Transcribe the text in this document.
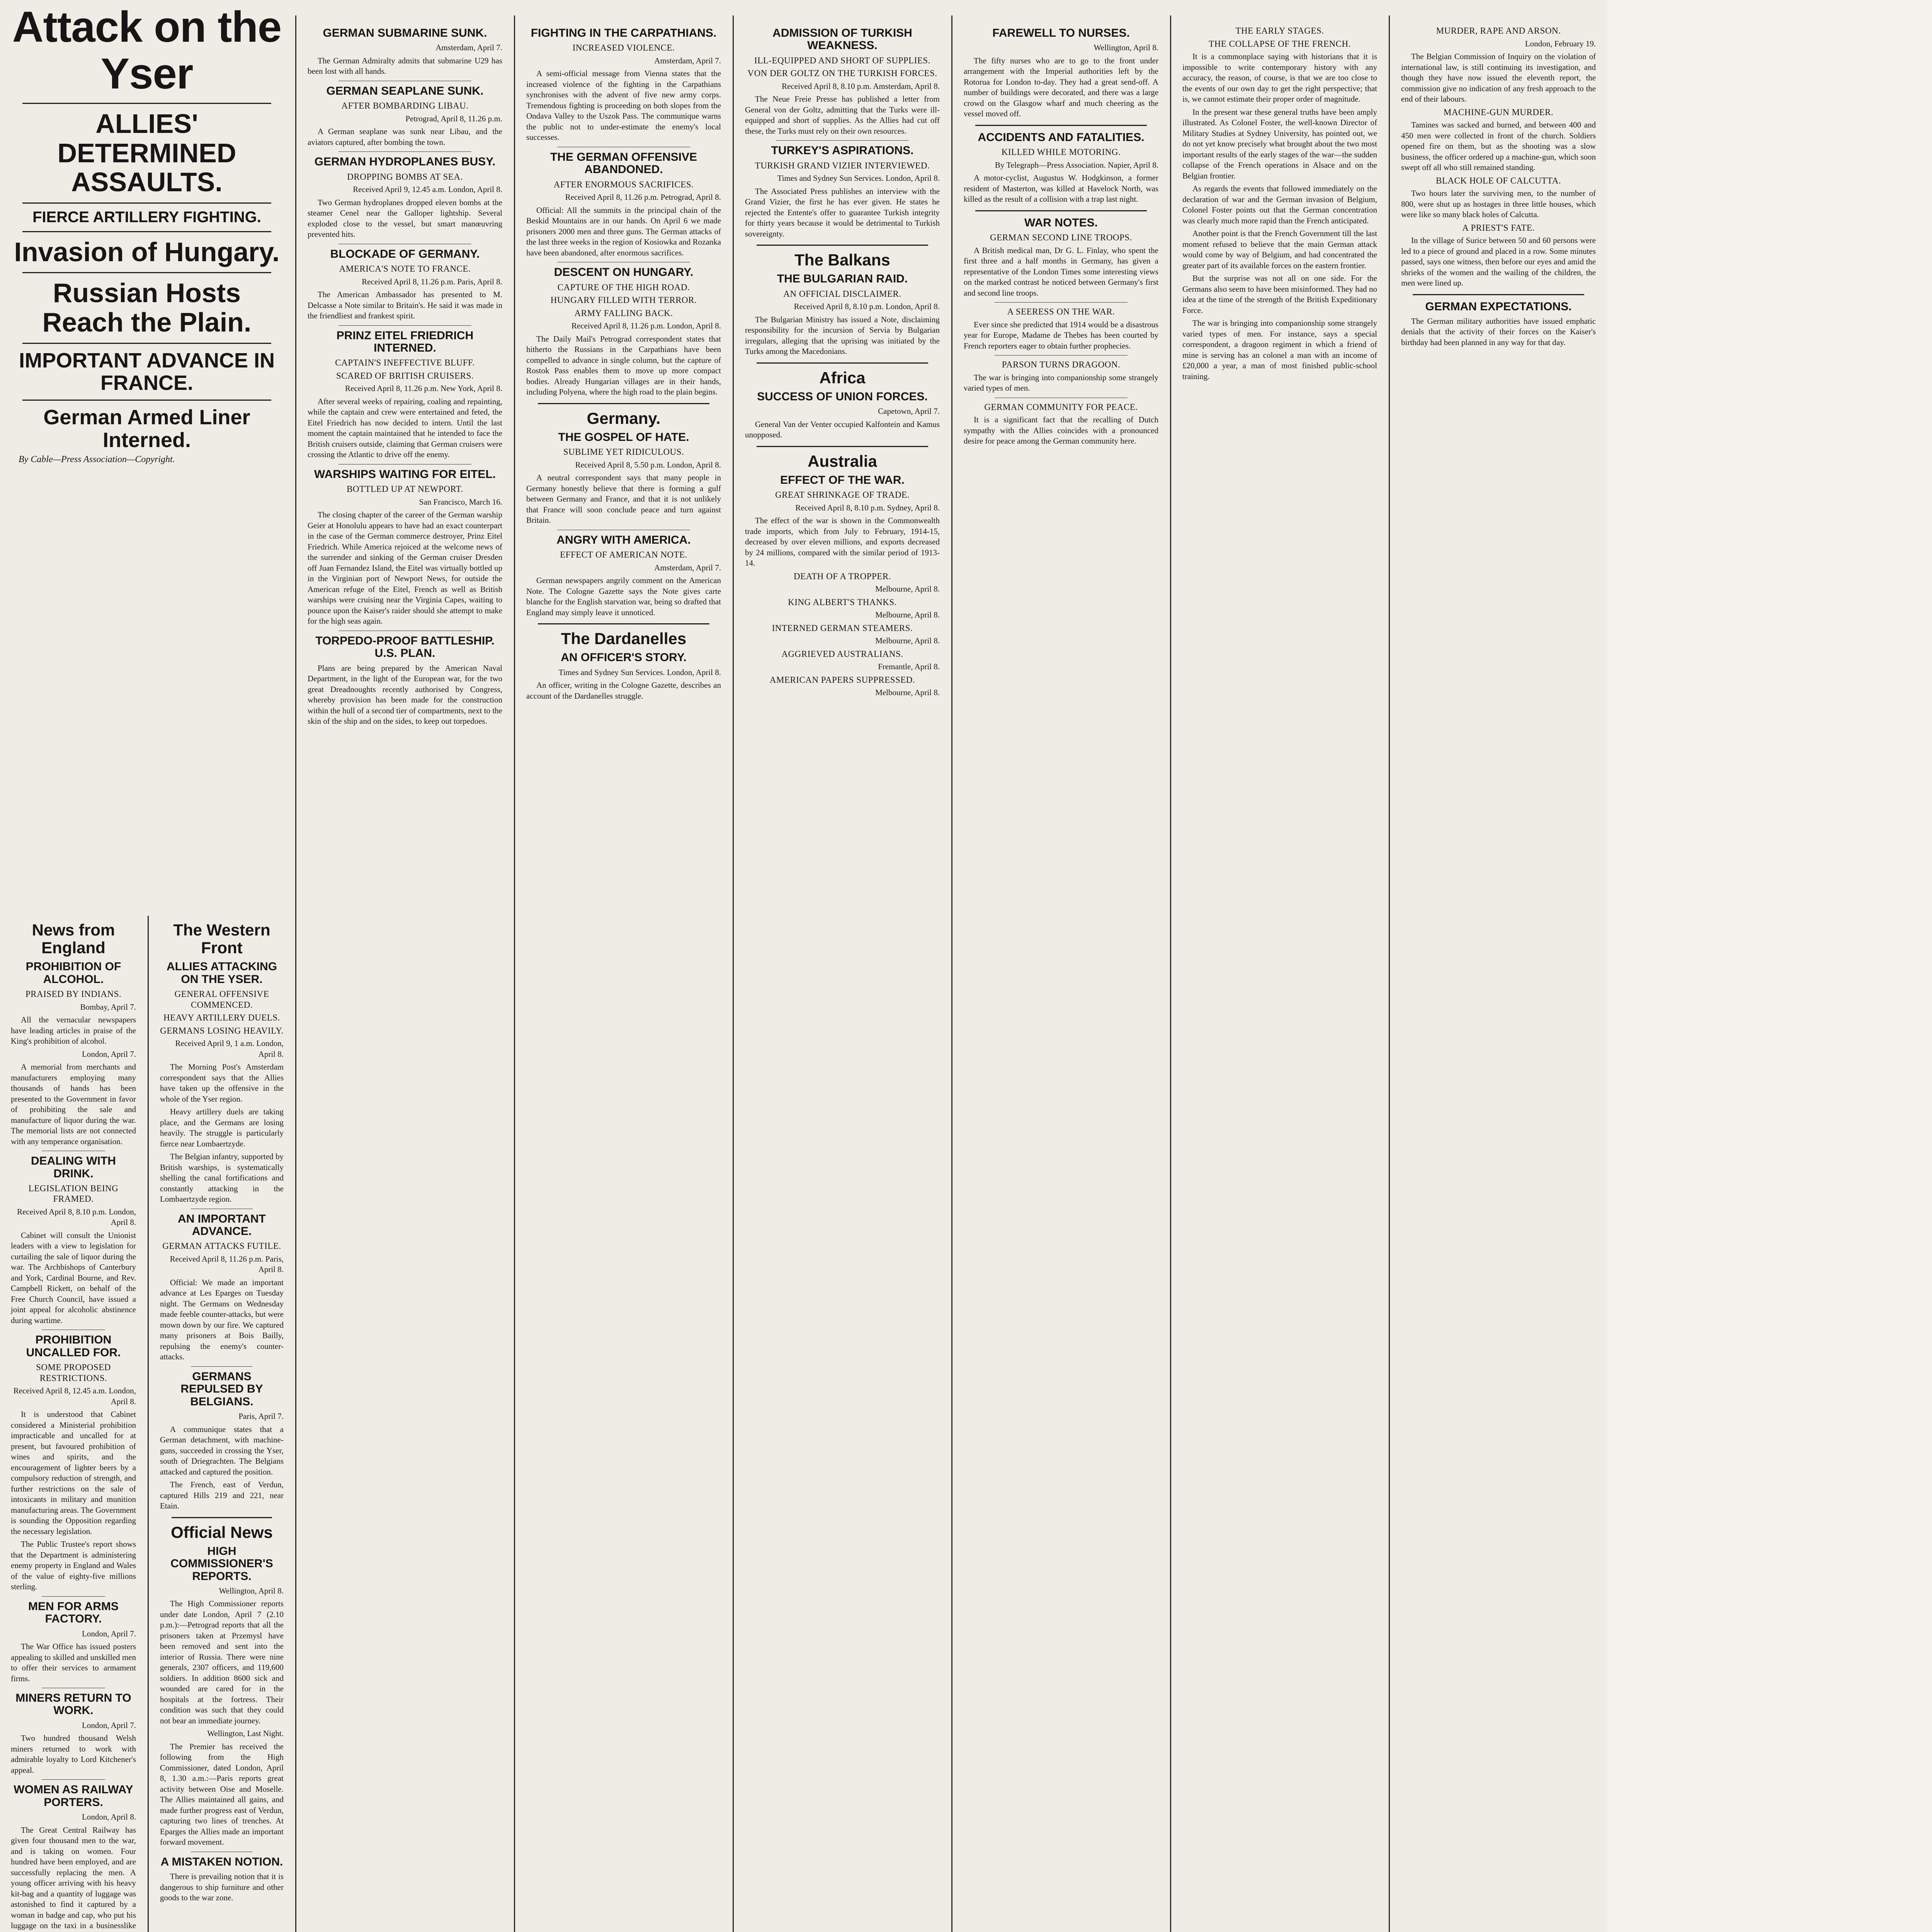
Attack on the Yser
ALLIES' DETERMINED ASSAULTS.
FIERCE ARTILLERY FIGHTING.
Invasion of Hungary.
Russian Hosts Reach the Plain.
IMPORTANT ADVANCE IN FRANCE.
German Armed Liner Interned.
By Cable—Press Association—Copyright.
News from England
PROHIBITION OF ALCOHOL.
PRAISED BY INDIANS.
Bombay, April 7.

All the vernacular newspapers have leading articles in praise of the King's prohibition of alcohol.

London, April 7.

A memorial from merchants and manufacturers employing many thousands of hands has been presented to the Government in favor of prohibiting the sale and manufacture of liquor during the war. The memorial lists are not connected with any temperance organisation.

DEALING WITH DRINK.
LEGISLATION BEING FRAMED.
Received April 8, 8.10 p.m. London, April 8.

Cabinet will consult the Unionist leaders with a view to legislation for curtailing the sale of liquor during the war. The Archbishops of Canterbury and York, Cardinal Bourne, and Rev. Campbell Rickett, on behalf of the Free Church Council, have issued a joint appeal for alcoholic abstinence during wartime.

PROHIBITION UNCALLED FOR.
SOME PROPOSED RESTRICTIONS.
Received April 8, 12.45 a.m. London, April 8.

It is understood that Cabinet considered a Ministerial prohibition impracticable and uncalled for at present, but favoured prohibition of wines and spirits, and the encouragement of lighter beers by a compulsory reduction of strength, and further restrictions on the sale of intoxicants in military and munition manufacturing areas. The Government is sounding the Opposition regarding the necessary legislation.

The Public Trustee's report shows that the Department is administering enemy property in England and Wales of the value of eighty-five millions sterling.

MEN FOR ARMS FACTORY.
London, April 7.

The War Office has issued posters appealing to skilled and unskilled men to offer their services to armament firms.

MINERS RETURN TO WORK.
London, April 7.

Two hundred thousand Welsh miners returned to work with admirable loyalty to Lord Kitchener's appeal.

WOMEN AS RAILWAY PORTERS.
London, April 8.

The Great Central Railway has given four thousand men to the war, and is taking on women. Four hundred have been employed, and are successfully replacing the men. A young officer arriving with his heavy kit-bag and a quantity of luggage was astonished to find it captured by a woman in badge and cap, who put his luggage on the taxi in a businesslike

The Western Front
ALLIES ATTACKING ON THE YSER.
GENERAL OFFENSIVE COMMENCED.
HEAVY ARTILLERY DUELS.
GERMANS LOSING HEAVILY.
Received April 9, 1 a.m. London, April 8.

The Morning Post's Amsterdam correspondent says that the Allies have taken up the offensive in the whole of the Yser region.

Heavy artillery duels are taking place, and the Germans are losing heavily. The struggle is particularly fierce near Lombaertzyde.

The Belgian infantry, supported by British warships, is systematically shelling the canal fortifications and constantly attacking in the Lombaertzyde region.

AN IMPORTANT ADVANCE.
GERMAN ATTACKS FUTILE.
Received April 8, 11.26 p.m. Paris, April 8.

Official: We made an important advance at Les Eparges on Tuesday night. The Germans on Wednesday made feeble counter-attacks, but were mown down by our fire. We captured many prisoners at Bois Bailly, repulsing the enemy's counter-attacks.

GERMANS REPULSED BY BELGIANS.
Paris, April 7.

A communique states that a German detachment, with machine-guns, succeeded in crossing the Yser, south of Driegrachten. The Belgians attacked and captured the position.

The French, east of Verdun, captured Hills 219 and 221, near Etain.

Official News
HIGH COMMISSIONER'S REPORTS.
Wellington, April 8.

The High Commissioner reports under date London, April 7 (2.10 p.m.):—Petrograd reports that all the prisoners taken at Przemysl have been removed and sent into the interior of Russia. There were nine generals, 2307 officers, and 119,600 soldiers. In addition 8600 sick and wounded are cared for in the hospitals at the fortress. Their condition was such that they could not bear an immediate journey.

Wellington, Last Night.

The Premier has received the following from the High Commissioner, dated London, April 8, 1.30 a.m.:—Paris reports great activity between Oise and Moselle. The Allies maintained all gains, and made further progress east of Verdun, capturing two lines of trenches. At Eparges the Allies made an important forward movement.

A MISTAKEN NOTION.

There is prevailing notion that it is dangerous to ship furniture and other goods to the war zone.

GERMAN SUBMARINE SUNK.
Amsterdam, April 7.

The German Admiralty admits that submarine U29 has been lost with all hands.

GERMAN SEAPLANE SUNK.
AFTER BOMBARDING LIBAU.
Petrograd, April 8, 11.26 p.m.

A German seaplane was sunk near Libau, and the aviators captured, after bombing the town.

GERMAN HYDROPLANES BUSY.
DROPPING BOMBS AT SEA.
Received April 9, 12.45 a.m. London, April 8.

Two German hydroplanes dropped eleven bombs at the steamer Cenel near the Galloper lightship. Several exploded close to the vessel, but smart manœuvring prevented hits.

BLOCKADE OF GERMANY.
AMERICA'S NOTE TO FRANCE.
Received April 8, 11.26 p.m. Paris, April 8.

The American Ambassador has presented to M. Delcasse a Note similar to Britain's. He said it was made in the friendliest and frankest spirit.

PRINZ EITEL FRIEDRICH INTERNED.
CAPTAIN'S INEFFECTIVE BLUFF.
SCARED OF BRITISH CRUISERS.
Received April 8, 11.26 p.m. New York, April 8.

After several weeks of repairing, coaling and repainting, while the captain and crew were entertained and feted, the Eitel Friedrich has now decided to intern. Until the last moment the captain maintained that he intended to face the British cruisers outside, claiming that German cruisers were crossing the Atlantic to drive off the enemy.

WARSHIPS WAITING FOR EITEL.
BOTTLED UP AT NEWPORT.
San Francisco, March 16.

The closing chapter of the career of the German warship Geier at Honolulu appears to have had an exact counterpart in the case of the German commerce destroyer, Prinz Eitel Friedrich. While America rejoiced at the welcome news of the surrender and sinking of the German cruiser Dresden off Juan Fernandez Island, the Eitel was virtually bottled up in the Virginian port of Newport News, for outside the American refuge of the Eitel, French as well as British warships were cruising near the Virginia Capes, waiting to pounce upon the Kaiser's raider should she attempt to make for the high seas again.

TORPEDO-PROOF BATTLESHIP. U.S. PLAN.

Plans are being prepared by the American Naval Department, in the light of the European war, for the two great Dreadnoughts recently authorised by Congress, whereby provision has been made for the construction within the hull of a second tier of compartments, next to the skin of the ship and on the sides, to keep out torpedoes.

FIGHTING IN THE CARPATHIANS.
INCREASED VIOLENCE.
Amsterdam, April 7.

A semi-official message from Vienna states that the increased violence of the fighting in the Carpathians synchronises with the advent of five new army corps. Tremendous fighting is proceeding on both slopes from the Ondava Valley to the Uszok Pass. The communique warns the public not to under-estimate the enemy's local successes.

THE GERMAN OFFENSIVE ABANDONED.
AFTER ENORMOUS SACRIFICES.
Received April 8, 11.26 p.m. Petrograd, April 8.

Official: All the summits in the principal chain of the Beskid Mountains are in our hands. On April 6 we made prisoners 2000 men and three guns. The German attacks of the last three weeks in the region of Kosiowka and Rozanka have been abandoned, after enormous sacrifices.

DESCENT ON HUNGARY.
CAPTURE OF THE HIGH ROAD.
HUNGARY FILLED WITH TERROR.
ARMY FALLING BACK.
Received April 8, 11.26 p.m. London, April 8.

The Daily Mail's Petrograd correspondent states that hitherto the Russians in the Carpathians have been compelled to advance in single column, but the capture of Rostok Pass enables them to move up more compact bodies. Already Hungarian villages are in their hands, including Polyena, where the high road to the plain begins.

Germany.
THE GOSPEL OF HATE.
SUBLIME YET RIDICULOUS.
Received April 8, 5.50 p.m. London, April 8.

A neutral correspondent says that many people in Germany honestly believe that there is forming a gulf between Germany and France, and that it is not unlikely that France will soon conclude peace and turn against Britain.

ANGRY WITH AMERICA.
EFFECT OF AMERICAN NOTE.
Amsterdam, April 7.

German newspapers angrily comment on the American Note. The Cologne Gazette says the Note gives carte blanche for the English starvation war, being so drafted that England may simply leave it unnoticed.

The Dardanelles
AN OFFICER'S STORY.
Times and Sydney Sun Services. London, April 8.

An officer, writing in the Cologne Gazette, describes an account of the Dardanelles struggle.

ADMISSION OF TURKISH WEAKNESS.
ILL-EQUIPPED AND SHORT OF SUPPLIES.
VON DER GOLTZ ON THE TURKISH FORCES.
Received April 8, 8.10 p.m. Amsterdam, April 8.

The Neue Freie Presse has published a letter from General von der Goltz, admitting that the Turks were ill-equipped and short of supplies. As the Allies had cut off these, the Turks must rely on their own resources.

TURKEY'S ASPIRATIONS.
TURKISH GRAND VIZIER INTERVIEWED.
Times and Sydney Sun Services. London, April 8.

The Associated Press publishes an interview with the Grand Vizier, the first he has ever given. He states he rejected the Entente's offer to guarantee Turkish integrity for thirty years because it would be detrimental to Turkish sovereignty.

The Balkans
THE BULGARIAN RAID.
AN OFFICIAL DISCLAIMER.
Received April 8, 8.10 p.m. London, April 8.

The Bulgarian Ministry has issued a Note, disclaiming responsibility for the incursion of Servia by Bulgarian irregulars, alleging that the uprising was initiated by the Turks among the Macedonians.

Africa
SUCCESS OF UNION FORCES.
Capetown, April 7.

General Van der Venter occupied Kalfontein and Kamus unopposed.

Australia
EFFECT OF THE WAR.
GREAT SHRINKAGE OF TRADE.
Received April 8, 8.10 p.m. Sydney, April 8.

The effect of the war is shown in the Commonwealth trade imports, which from July to February, 1914-15, decreased by over eleven millions, and exports decreased by 24 millions, compared with the similar period of 1913-14.

DEATH OF A TROPPER.
Melbourne, April 8.
KING ALBERT'S THANKS.
Melbourne, April 8.
INTERNED GERMAN STEAMERS.
Melbourne, April 8.
AGGRIEVED AUSTRALIANS.
Fremantle, April 8.
AMERICAN PAPERS SUPPRESSED.
Melbourne, April 8.
FAREWELL TO NURSES.
Wellington, April 8.

The fifty nurses who are to go to the front under arrangement with the Imperial authorities left by the Rotorua for London to-day. They had a great send-off. A number of buildings were decorated, and there was a large crowd on the Glasgow wharf and much cheering as the vessel moved off.

ACCIDENTS AND FATALITIES.
KILLED WHILE MOTORING.
By Telegraph—Press Association. Napier, April 8.

A motor-cyclist, Augustus W. Hodgkinson, a former resident of Masterton, was killed at Havelock North, was killed as the result of a collision with a trap last night.

WAR NOTES.
GERMAN SECOND LINE TROOPS.

A British medical man, Dr G. L. Finlay, who spent the first three and a half months in Germany, has given a representative of the London Times some interesting views on the marked contrast he noticed between Germany's first and second line troops.

A SEERESS ON THE WAR.

Ever since she predicted that 1914 would be a disastrous year for Europe, Madame de Thebes has been courted by French reporters eager to obtain further prophecies.

PARSON TURNS DRAGOON.

The war is bringing into companionship some strangely varied types of men.

GERMAN COMMUNITY FOR PEACE.

It is a significant fact that the recalling of Dutch sympathy with the Allies coincides with a pronounced desire for peace among the German community here.

THE EARLY STAGES.
THE COLLAPSE OF THE FRENCH.

It is a commonplace saying with historians that it is impossible to write contemporary history with any accuracy, the reason, of course, is that we are too close to the events of our own day to get the right perspective; that is, we cannot estimate their proper order of magnitude.

In the present war these general truths have been amply illustrated. As Colonel Foster, the well-known Director of Military Studies at Sydney University, has pointed out, we do not yet know precisely what brought about the two most important results of the early stages of the war—the sudden collapse of the French operations in Alsace and on the Belgian frontier.

As regards the events that followed immediately on the declaration of war and the German invasion of Belgium, Colonel Foster points out that the German concentration was clearly much more rapid than the French anticipated.

Another point is that the French Government till the last moment refused to believe that the main German attack would come by way of Belgium, and had concentrated the greater part of its available forces on the eastern frontier.

But the surprise was not all on one side. For the Germans also seem to have been misinformed. They had no idea at the time of the strength of the British Expeditionary Force.

The war is bringing into companionship some strangely varied types of men. For instance, says a special correspondent, a dragoon regiment in which a friend of mine is serving has an colonel a man with an income of £20,000 a year, a man of most finished public-school training.

MURDER, RAPE AND ARSON.
London, February 19.

The Belgian Commission of Inquiry on the violation of international law, is still continuing its investigation, and though they have now issued the eleventh report, the commission give no indication of any fresh approach to the end of their labours.

MACHINE-GUN MURDER.

Tamines was sacked and burned, and between 400 and 450 men were collected in front of the church. Soldiers opened fire on them, but as the shooting was a slow business, the officer ordered up a machine-gun, which soon swept off all who still remained standing.

BLACK HOLE OF CALCUTTA.

Two hours later the surviving men, to the number of 800, were shut up as hostages in three little houses, which were like so many black holes of Calcutta.

A PRIEST'S FATE.

In the village of Surice between 50 and 60 persons were led to a piece of ground and placed in a row. Some minutes passed, says one witness, then before our eyes and amid the shrieks of the women and the wailing of the children, the men were lined up.

GERMAN EXPECTATIONS.

The German military authorities have issued emphatic denials that the activity of their forces on the Kaiser's birthday had been planned in any way for that day.
